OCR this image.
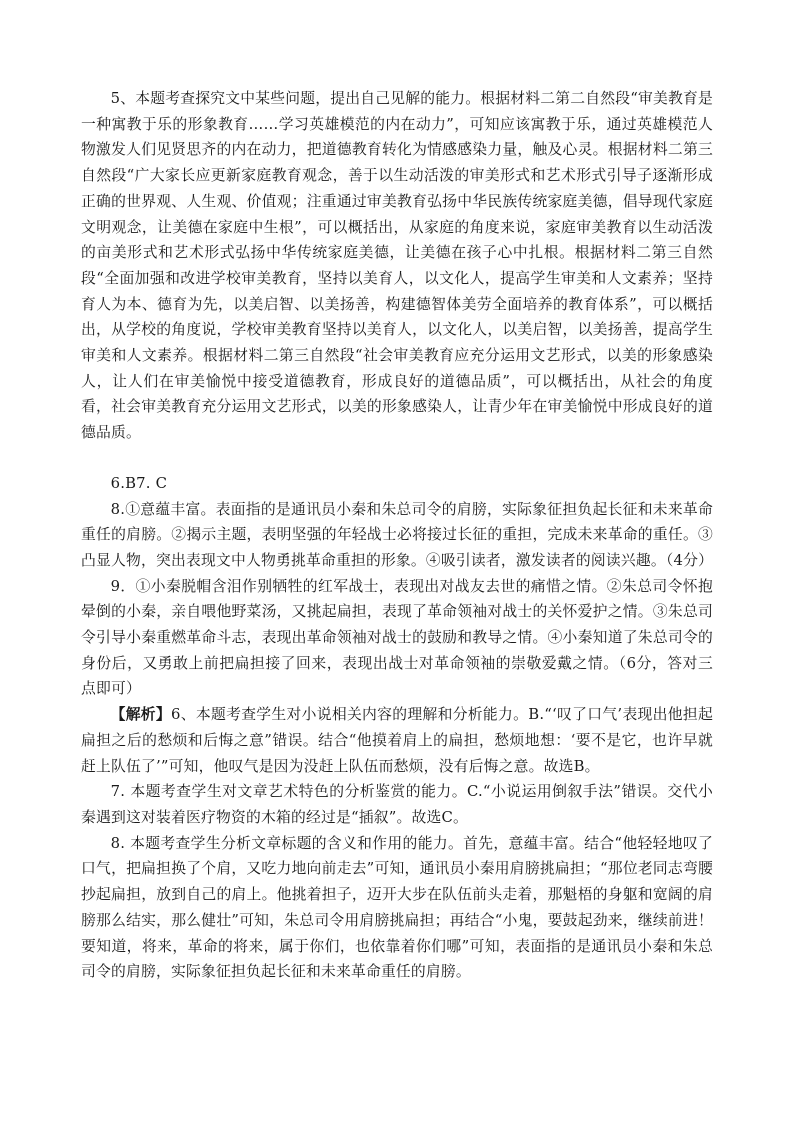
5、本题考查探究文中某些问题，提出自己见解的能力。根据材料二第二自然段“审美教育是一种寓教于乐的形象教育……学习英雄模范的内在动力”，可知应该寓教于乐，通过英雄模范人物激发人们见贤思齐的内在动力，把道德教育转化为情感感染力量，触及心灵。根据材料二第三自然段“广大家长应更新家庭教育观念，善于以生动活泼的审美形式和艺术形式引导子逐渐形成正确的世界观、人生观、价值观；注重通过审美教育弘扬中华民族传统家庭美德，倡导现代家庭文明观念，让美德在家庭中生根”，可以概括出，从家庭的角度来说，家庭审美教育以生动活泼的亩美形式和艺术形式弘扬中华传统家庭美德，让美德在孩子心中扎根。根据材料二第三自然段“全面加强和改进学校审美教育，坚持以美育人，以文化人，提高学生审美和人文素养；坚持育人为本、德育为先，以美启智、以美扬善，构建德智体美劳全面培养的教育体系”，可以概括出，从学校的角度说，学校审美教育坚持以美育人，以文化人，以美启智，以美扬善，提高学生审美和人文素养。根据材料二第三自然段“社会审美教育应充分运用文艺形式，以美的形象感染人，让人们在审美愉悦中接受道德教育，形成良好的道德品质”，可以概括出，从社会的角度看，社会审美教育充分运用文艺形式，以美的形象感染人，让青少年在审美愉悦中形成良好的道德品质。

6.B7. C

8.①意蕴丰富。表面指的是通讯员小秦和朱总司令的肩膀，实际象征担负起长征和未来革命重任的肩膀。②揭示主题，表明坚强的年轻战士必将接过长征的重担，完成未来革命的重任。③凸显人物，突出表现文中人物勇挑革命重担的形象。④吸引读者，激发读者的阅读兴趣。（4分）

9．①小秦脱帽含泪作别牺牲的红军战士，表现出对战友去世的痛惜之情。②朱总司令怀抱晕倒的小秦，亲自喂他野菜汤，又挑起扁担，表现了革命领袖对战士的关怀爱护之情。③朱总司令引导小秦重燃革命斗志，表现出革命领袖对战士的鼓励和教导之情。④小秦知道了朱总司令的身份后，又勇敢上前把扁担接了回来，表现出战士对革命领袖的崇敬爱戴之情。（6分，答对三点即可）

【解析】6、本题考查学生对小说相关内容的理解和分析能力。B.“‘叹了口气’表现出他担起扁担之后的愁烦和后悔之意”错误。结合“他摸着肩上的扁担，愁烦地想：‘要不是它，也许早就赶上队伍了’”可知，他叹气是因为没赶上队伍而愁烦，没有后悔之意。故选B。

7. 本题考查学生对文章艺术特色的分析鉴赏的能力。C.“小说运用倒叙手法”错误。交代小秦遇到这对装着医疗物资的木箱的经过是“插叙”。故选C。

8. 本题考查学生分析文章标题的含义和作用的能力。首先，意蕴丰富。结合“他轻轻地叹了口气，把扁担换了个肩，又吃力地向前走去”可知，通讯员小秦用肩膀挑扁担；“那位老同志弯腰抄起扁担，放到自己的肩上。他挑着担子，迈开大步在队伍前头走着，那魁梧的身躯和宽阔的肩膀那么结实，那么健壮”可知，朱总司令用肩膀挑扁担；再结合“小鬼，要鼓起劲来，继续前进！要知道，将来，革命的将来，属于你们，也依靠着你们哪”可知，表面指的是通讯员小秦和朱总司令的肩膀，实际象征担负起长征和未来革命重任的肩膀。
